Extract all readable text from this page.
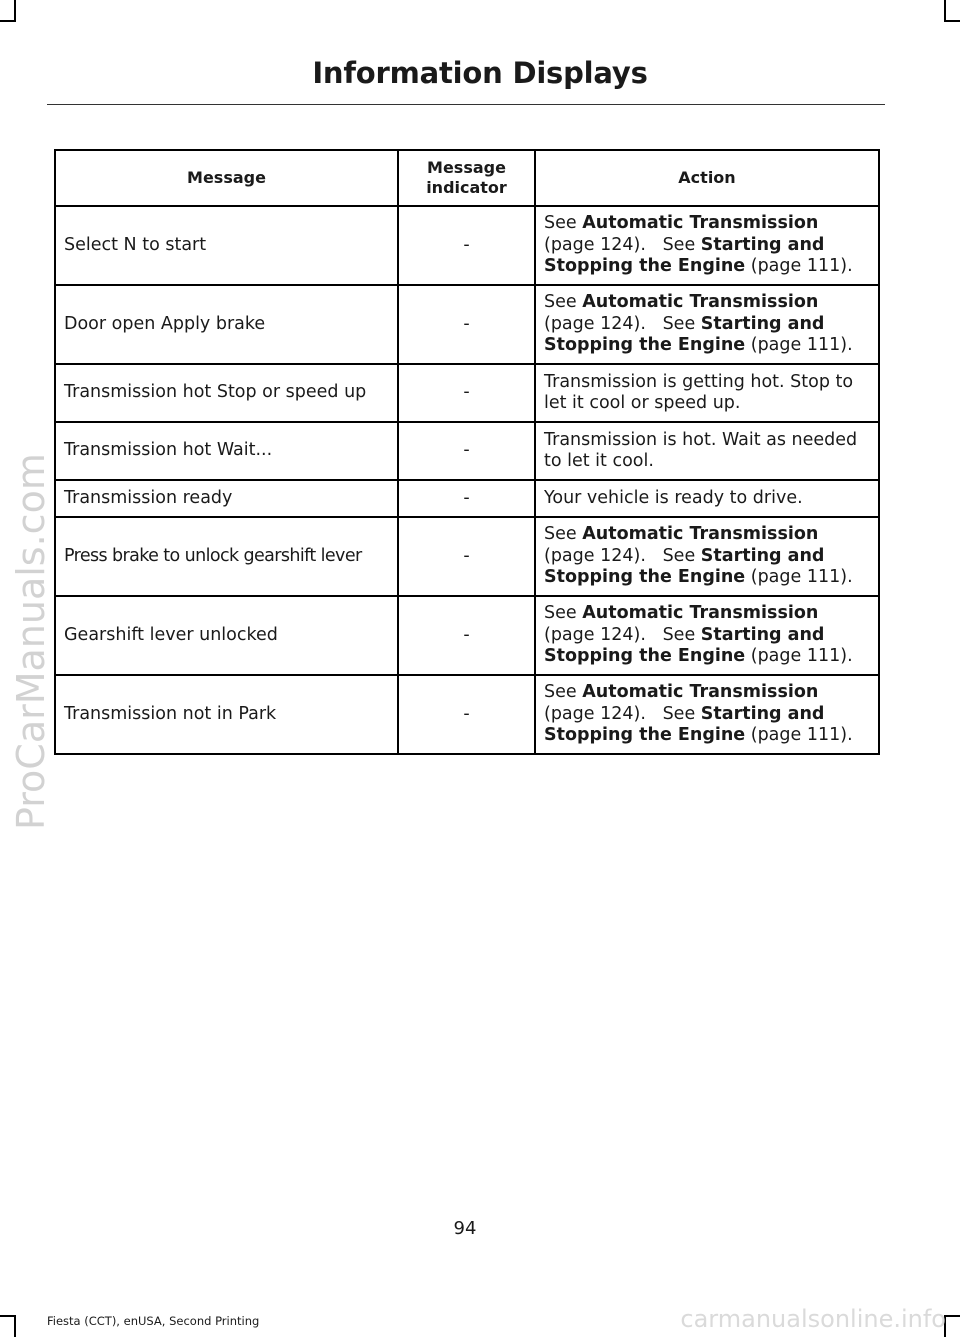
Information Displays
Message	Message indicator	Action
Select N to start	-	See Automatic Transmission (page 124).   See Starting and Stopping the Engine (page 111).
Door open Apply brake	-	See Automatic Transmission (page 124).   See Starting and Stopping the Engine (page 111).
Transmission hot Stop or speed up	-	Transmission is getting hot. Stop to let it cool or speed up.
Transmission hot Wait...	-	Transmission is hot. Wait as needed to let it cool.
Transmission ready	-	Your vehicle is ready to drive.
Press brake to unlock gearshift lever	-	See Automatic Transmission (page 124).   See Starting and Stopping the Engine (page 111).
Gearshift lever unlocked	-	See Automatic Transmission (page 124).   See Starting and Stopping the Engine (page 111).
Transmission not in Park	-	See Automatic Transmission (page 124).   See Starting and Stopping the Engine (page 111).
94
Fiesta (CCT), enUSA, Second Printing
ProCarManuals.com
carmanualsonline.info
